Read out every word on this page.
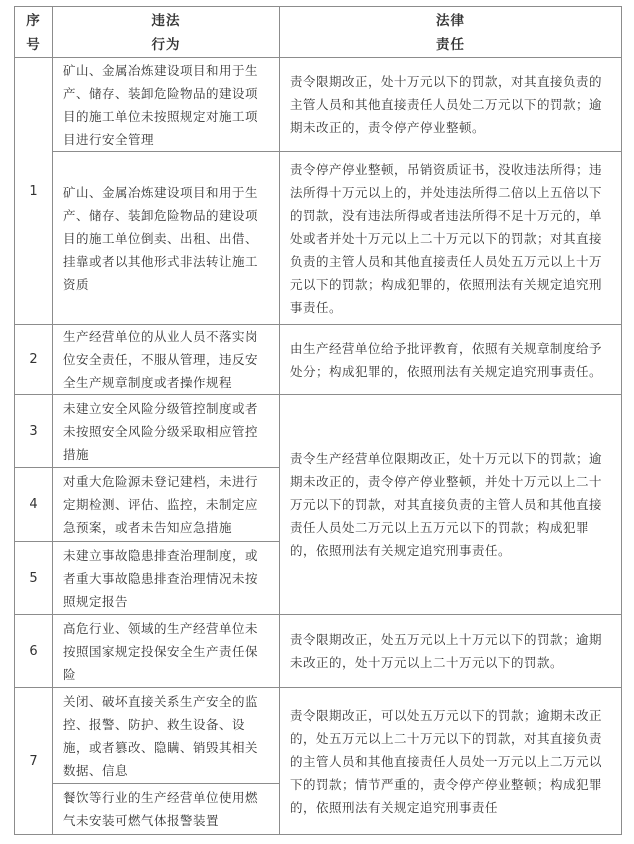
序
号
违法
行为
法律
责任
1
矿山、金属冶炼建设项目和用于生
产、储存、装卸危险物品的建设项
目的施工单位未按照规定对施工项
目进行安全管理
矿山、金属冶炼建设项目和用于生
产、储存、装卸危险物品的建设项
目的施工单位倒卖、出租、出借、
挂靠或者以其他形式非法转让施工
资质
责令限期改正，处十万元以下的罚款，对其直接负责的
主管人员和其他直接责任人员处二万元以下的罚款；逾
期未改正的，责令停产停业整顿。
责令停产停业整顿，吊销资质证书，没收违法所得；违
法所得十万元以上的，并处违法所得二倍以上五倍以下
的罚款，没有违法所得或者违法所得不足十万元的，单
处或者并处十万元以上二十万元以下的罚款；对其直接
负责的主管人员和其他直接责任人员处五万元以上十万
元以下的罚款；构成犯罪的，依照刑法有关规定追究刑
事责任。
2
生产经营单位的从业人员不落实岗
位安全责任，不服从管理，违反安
全生产规章制度或者操作规程
由生产经营单位给予批评教育，依照有关规章制度给予
处分；构成犯罪的，依照刑法有关规定追究刑事责任。
3
未建立安全风险分级管控制度或者
未按照安全风险分级采取相应管控
措施
4
对重大危险源未登记建档，未进行
定期检测、评估、监控，未制定应
急预案，或者未告知应急措施
5
未建立事故隐患排查治理制度，或
者重大事故隐患排查治理情况未按
照规定报告
责令生产经营单位限期改正，处十万元以下的罚款；逾
期未改正的，责令停产停业整顿，并处十万元以上二十
万元以下的罚款，对其直接负责的主管人员和其他直接
责任人员处二万元以上五万元以下的罚款；构成犯罪
的，依照刑法有关规定追究刑事责任。
6
高危行业、领域的生产经营单位未
按照国家规定投保安全生产责任保
险
责令限期改正，处五万元以上十万元以下的罚款；逾期
未改正的，处十万元以上二十万元以下的罚款。
7
关闭、破坏直接关系生产安全的监
控、报警、防护、救生设备、设
施，或者篡改、隐瞒、销毁其相关
数据、信息
餐饮等行业的生产经营单位使用燃
气未安装可燃气体报警装置
责令限期改正，可以处五万元以下的罚款；逾期未改正
的，处五万元以上二十万元以下的罚款，对其直接负责
的主管人员和其他直接责任人员处一万元以上二万元以
下的罚款；情节严重的，责令停产停业整顿；构成犯罪
的，依照刑法有关规定追究刑事责任
